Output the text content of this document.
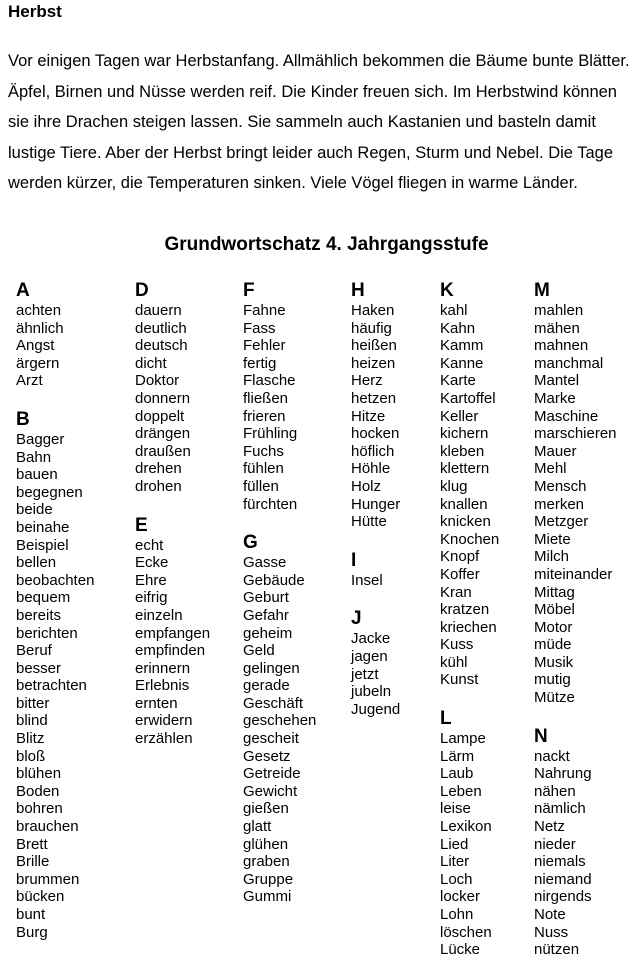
Herbst
Vor einigen Tagen war Herbstanfang. Allmählich bekommen die Bäume bunte Blätter.
Äpfel, Birnen und Nüsse werden reif. Die Kinder freuen sich. Im Herbstwind können
sie ihre Drachen steigen lassen. Sie sammeln auch Kastanien und basteln damit
lustige Tiere. Aber der Herbst bringt leider auch Regen, Sturm und Nebel. Die Tage
werden kürzer, die Temperaturen sinken. Viele Vögel fliegen in warme Länder.
Grundwortschatz 4. Jahrgangsstufe
A
achten
ähnlich
Angst
ärgern
Arzt
B
Bagger
Bahn
bauen
begegnen
beide
beinahe
Beispiel
bellen
beobachten
bequem
bereits
berichten
Beruf
besser
betrachten
bitter
blind
Blitz
bloß
blühen
Boden
bohren
brauchen
Brett
Brille
brummen
bücken
bunt
Burg
D
dauern
deutlich
deutsch
dicht
Doktor
donnern
doppelt
drängen
draußen
drehen
drohen
E
echt
Ecke
Ehre
eifrig
einzeln
empfangen
empfinden
erinnern
Erlebnis
ernten
erwidern
erzählen
F
Fahne
Fass
Fehler
fertig
Flasche
fließen
frieren
Frühling
Fuchs
fühlen
füllen
fürchten
G
Gasse
Gebäude
Geburt
Gefahr
geheim
Geld
gelingen
gerade
Geschäft
geschehen
gescheit
Gesetz
Getreide
Gewicht
gießen
glatt
glühen
graben
Gruppe
Gummi
H
Haken
häufig
heißen
heizen
Herz
hetzen
Hitze
hocken
höflich
Höhle
Holz
Hunger
Hütte
I
Insel
J
Jacke
jagen
jetzt
jubeln
Jugend
K
kahl
Kahn
Kamm
Kanne
Karte
Kartoffel
Keller
kichern
kleben
klettern
klug
knallen
knicken
Knochen
Knopf
Koffer
Kran
kratzen
kriechen
Kuss
kühl
Kunst
L
Lampe
Lärm
Laub
Leben
leise
Lexikon
Lied
Liter
Loch
locker
Lohn
löschen
Lücke
M
mahlen
mähen
mahnen
manchmal
Mantel
Marke
Maschine
marschieren
Mauer
Mehl
Mensch
merken
Metzger
Miete
Milch
miteinander
Mittag
Möbel
Motor
müde
Musik
mutig
Mütze
N
nackt
Nahrung
nähen
nämlich
Netz
nieder
niemals
niemand
nirgends
Note
Nuss
nützen
